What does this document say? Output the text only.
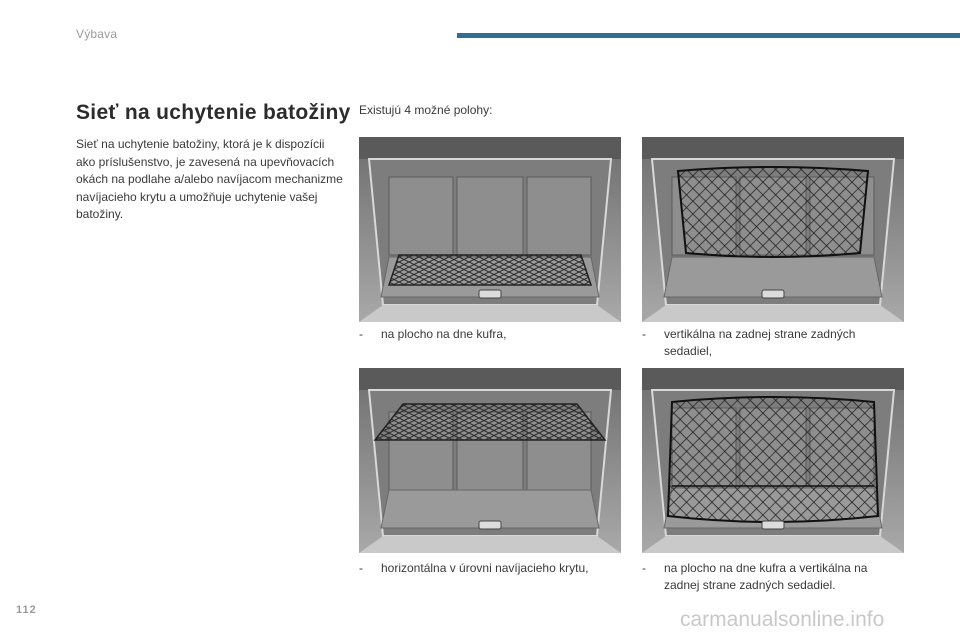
Výbava
Sieť na uchytenie batožiny

Sieť na uchytenie batožiny, ktorá je k dispozícii ako príslušenstvo, je zavesená na upevňovacích okách na podlahe a/alebo navíjacom mechanizme navíjacieho krytu a umožňuje uchytenie vašej batožiny.

Existujú 4 možné polohy:

-	na plocho na dne kufra,	-	vertikálna na zadnej strane zadných sedadiel,
-	horizontálna v úrovni navíjacieho krytu,	-	na plocho na dne kufra a vertikálna na zadnej strane zadných sedadiel.
112	carmanualsonline.info
